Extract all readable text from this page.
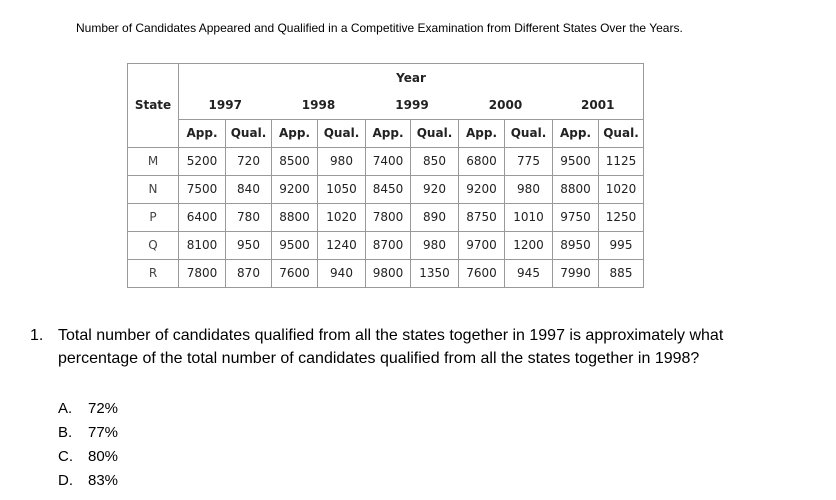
Number of Candidates Appeared and Qualified in a Competitive Examination from Different States Over the Years.
	Year									
State	1997		1998		1999		2000		2001	
	App.	Qual.	App.	Qual.	App.	Qual.	App.	Qual.	App.	Qual.
M	5200	720	8500	980	7400	850	6800	775	9500	1125
N	7500	840	9200	1050	8450	920	9200	980	8800	1020
P	6400	780	8800	1020	7800	890	8750	1010	9750	1250
Q	8100	950	9500	1240	8700	980	9700	1200	8950	995
R	7800	870	7600	940	9800	1350	7600	945	7990	885
1. Total number of candidates qualified from all the states together in 1997 is approximately what percentage of the total number of candidates qualified from all the states together in 1998?
A. 72%
B. 77%
C. 80%
D. 83%
